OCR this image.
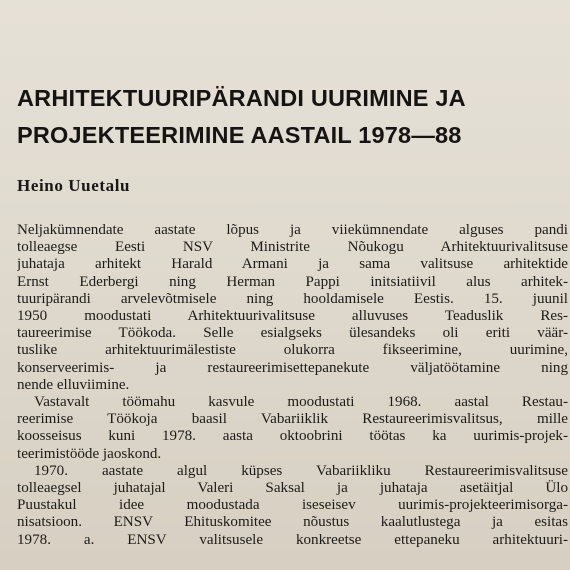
ARHITEKTUURIPÄRANDI UURIMINE JA
PROJEKTEERIMINE AASTAIL 1978—88
Heino Uuetalu
Neljakümnendate aastate lõpus ja viiekümnendate alguses pandi
tolleaegse Eesti NSV Ministrite Nõukogu Arhitektuurivalitsuse
juhataja arhitekt Harald Armani ja sama valitsuse arhitektide
Ernst Ederbergi ning Herman Pappi initsiatiivil alus arhitek-
tuuripärandi arvelevõtmisele ning hooldamisele Eestis. 15. juunil
1950 moodustati Arhitektuurivalitsuse alluvuses Teaduslik Res-
taureerimise Töökoda. Selle esialgseks ülesandeks oli eriti väär-
tuslike arhitektuurimälestiste olukorra fikseerimine, uurimine,
konserveerimis- ja restaureerimisettepanekute väljatöötamine ning
nende elluviimine.
Vastavalt töömahu kasvule moodustati 1968. aastal Restau-
reerimise Töökoja baasil Vabariiklik Restaureerimisvalitsus, mille
koosseisus kuni 1978. aasta oktoobrini töötas ka uurimis-projek-
teerimistööde jaoskond.
1970. aastate algul küpses Vabariikliku Restaureerimisvalitsuse
tolleaegsel juhatajal Valeri Saksal ja juhataja asetäitjal Ülo
Puustakul idee moodustada iseseisev uurimis-projekteerimisorga-
nisatsioon. ENSV Ehituskomitee nõustus kaalutlustega ja esitas
1978. a. ENSV valitsusele konkreetse ettepaneku arhitektuuri-
